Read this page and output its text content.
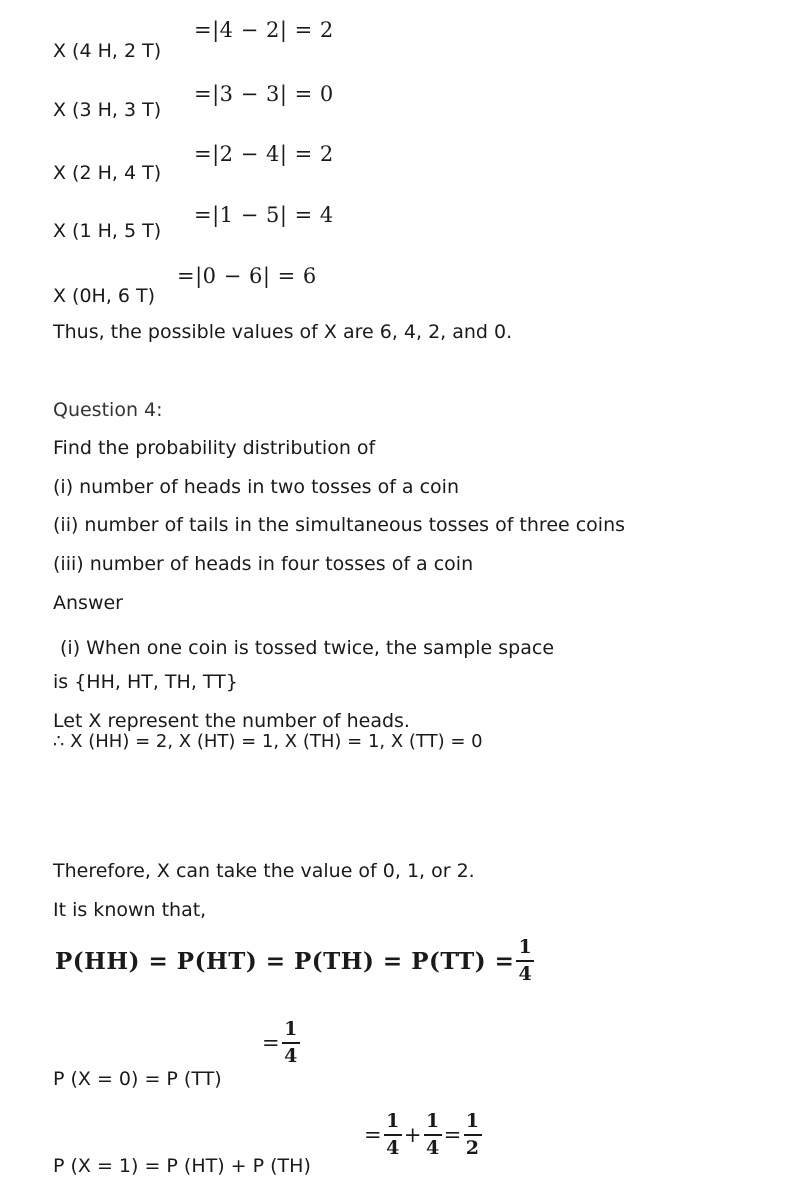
X (4 H, 2 T)
=|4 − 2| = 2
X (3 H, 3 T)
=|3 − 3| = 0
X (2 H, 4 T)
=|2 − 4| = 2
X (1 H, 5 T)
=|1 − 5| = 4
X (0H, 6 T)
=|0 − 6| = 6
Thus, the possible values of X are 6, 4, 2, and 0.
Question 4:
Find the probability distribution of
(i) number of heads in two tosses of a coin
(ii) number of tails in the simultaneous tosses of three coins
(iii) number of heads in four tosses of a coin
Answer
(i) When one coin is tossed twice, the sample space
is {HH, HT, TH, TT}
Let X represent the number of heads.
∴ X (HH) = 2, X (HT) = 1, X (TH) = 1, X (TT) = 0
Therefore, X can take the value of 0, 1, or 2.
It is known that,
$P(HH) = P(HT) = P(TH) = P(TT) = \frac{1}{4}$
P (X = 0) = P (TT)
= $\frac{1}{4}$
P (X = 1) = P (HT) + P (TH)
= $\frac{1}{4} + \frac{1}{4} = \frac{1}{2}$
